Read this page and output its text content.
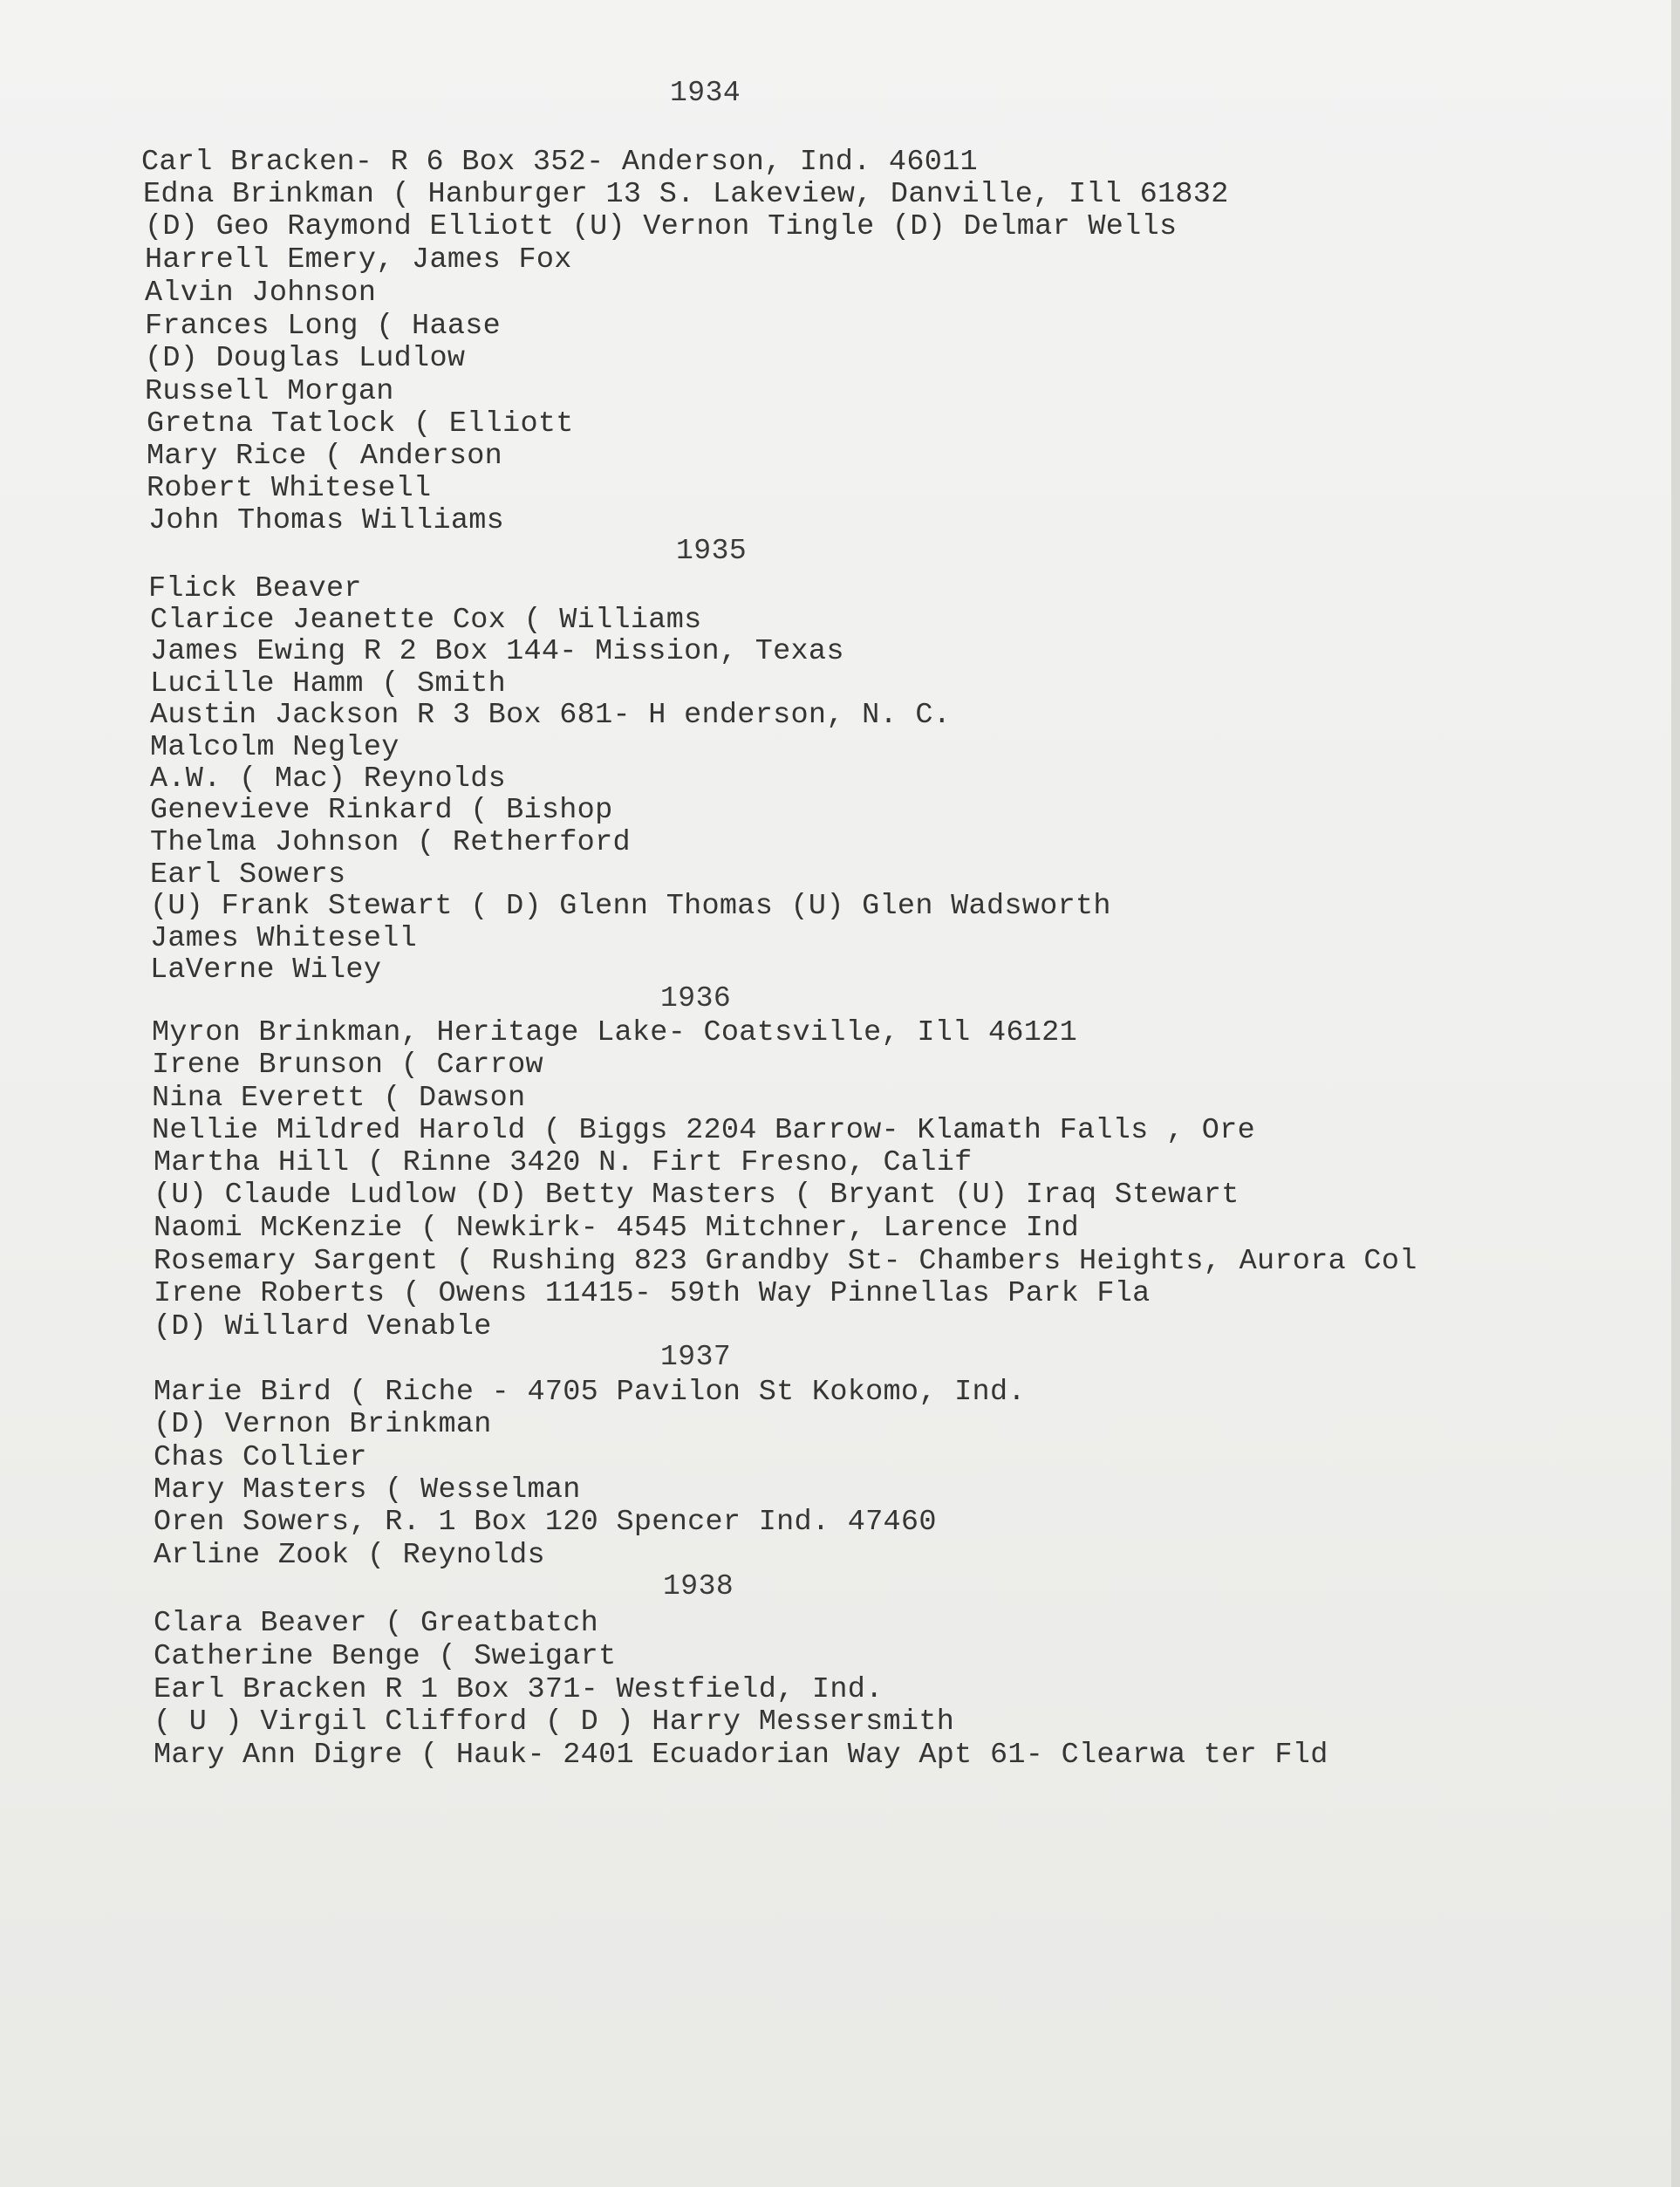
1934
Carl Bracken- R 6 Box 352- Anderson, Ind. 46011
Edna Brinkman ( Hanburger 13 S. Lakeview, Danville, Ill 61832
(D) Geo Raymond Elliott (U) Vernon Tingle (D) Delmar Wells
Harrell Emery, James Fox
Alvin Johnson
Frances Long ( Haase
(D) Douglas Ludlow
Russell Morgan
Gretna Tatlock ( Elliott
Mary Rice ( Anderson
Robert Whitesell
John Thomas Williams
1935
Flick Beaver
Clarice Jeanette Cox ( Williams
James Ewing R 2 Box 144- Mission, Texas
Lucille Hamm ( Smith
Austin Jackson R 3 Box 681- H enderson, N. C.
Malcolm Negley
A.W. ( Mac) Reynolds
Genevieve Rinkard ( Bishop
Thelma Johnson ( Retherford
Earl Sowers
(U) Frank Stewart ( D) Glenn Thomas (U) Glen Wadsworth
James Whitesell
LaVerne Wiley
1936
Myron Brinkman, Heritage Lake- Coatsville, Ill 46121
Irene Brunson ( Carrow
Nina Everett ( Dawson
Nellie Mildred Harold ( Biggs 2204 Barrow- Klamath Falls , Ore
Martha Hill ( Rinne 3420 N. Firt Fresno, Calif
(U) Claude Ludlow (D) Betty Masters ( Bryant (U) Iraq Stewart
Naomi McKenzie ( Newkirk- 4545 Mitchner, Larence Ind
Rosemary Sargent ( Rushing 823 Grandby St- Chambers Heights, Aurora Col
Irene Roberts ( Owens 11415- 59th Way Pinnellas Park Fla
(D) Willard Venable
1937
Marie Bird ( Riche - 4705 Pavilon St Kokomo, Ind.
(D) Vernon Brinkman
Chas Collier
Mary Masters ( Wesselman
Oren Sowers, R. 1 Box 120 Spencer Ind. 47460
Arline Zook ( Reynolds
1938
Clara Beaver ( Greatbatch
Catherine Benge ( Sweigart
Earl Bracken R 1 Box 371- Westfield, Ind.
( U ) Virgil Clifford ( D ) Harry Messersmith
Mary Ann Digre ( Hauk- 2401 Ecuadorian Way Apt 61- Clearwa ter Fld
